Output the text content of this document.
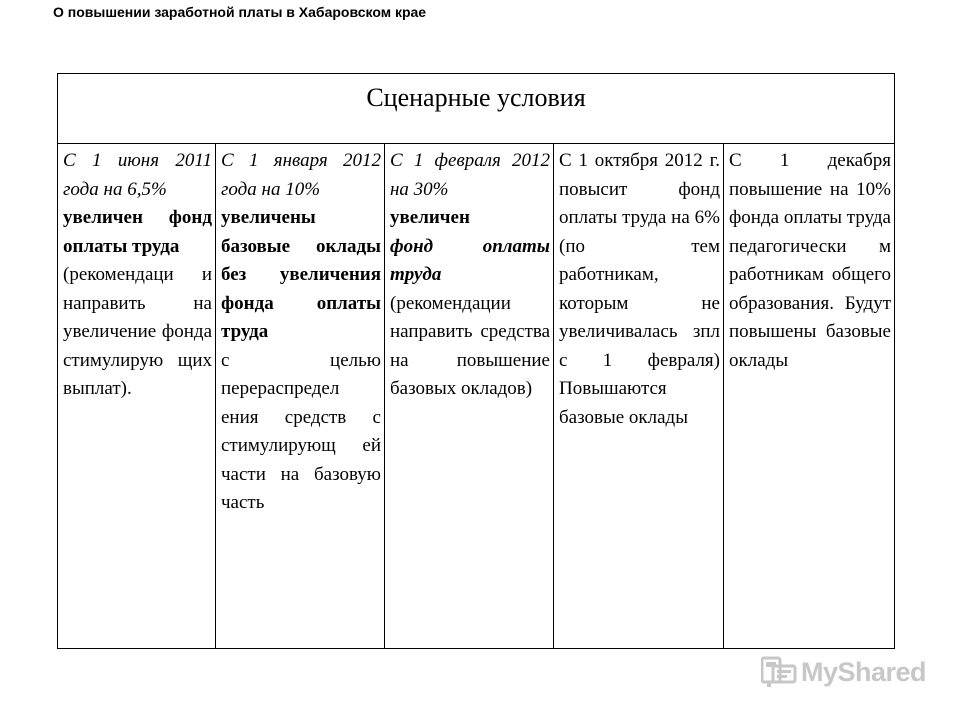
О повышении заработной платы в Хабаровском крае
Сценарные условия
С 1 июня 2011 года на 6,5%
увеличен фонд оплаты труда
(рекомендаци и направить на увеличение фонда стимулирую щих выплат).
С 1 января 2012 года на 10%
увеличены базовые оклады без увеличения фонда оплаты труда
с целью перераспредел ения средств с стимулирующ ей части на базовую часть
С 1 февраля 2012 на 30%
увеличен
фонд оплаты труда
(рекомендации направить средства на повышение базовых окладов)
С 1 октября 2012 г. повысит фонд оплаты труда на 6% (по тем работникам, которым не увеличивалась зпл с 1 февраля) Повышаются базовые оклады
С 1 декабря повышение на 10% фонда оплаты труда педагогически м работникам общего образования. Будут повышены базовые оклады
MyShared
